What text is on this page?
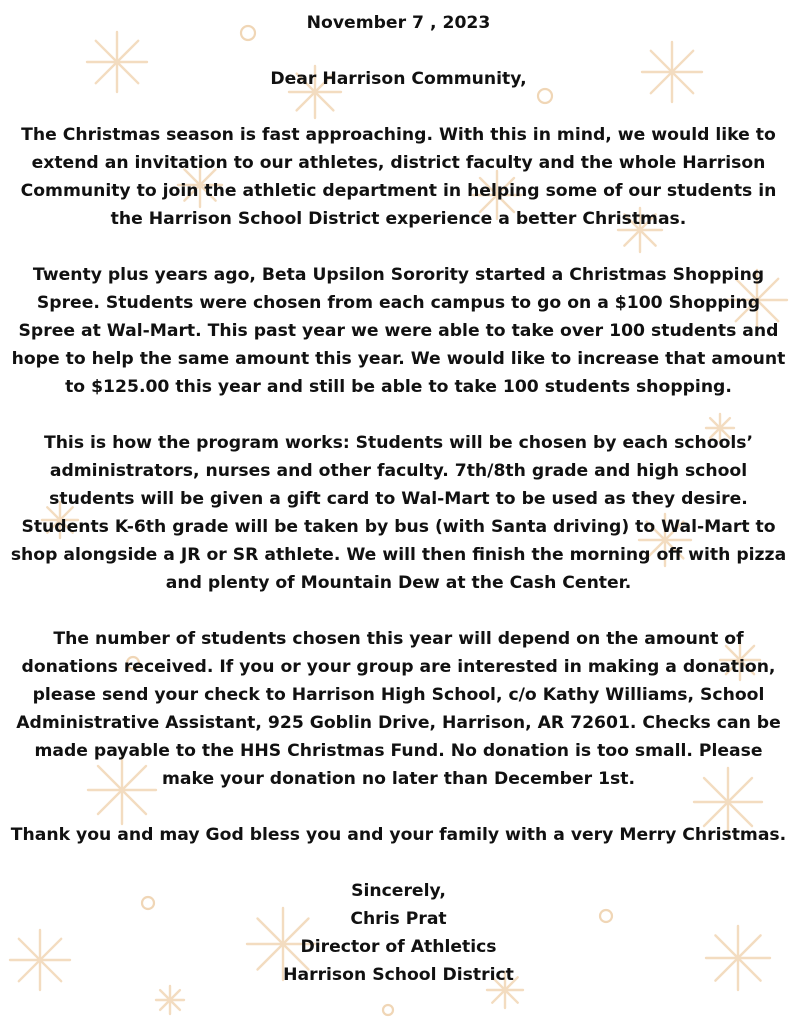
November 7 , 2023

Dear Harrison Community,

The Christmas season is fast approaching. With this in mind, we would like to
extend an invitation to our athletes, district faculty and the whole Harrison
Community to join the athletic department in helping some of our students in
the Harrison School District experience a better Christmas.
Twenty plus years ago, Beta Upsilon Sorority started a Christmas Shopping
Spree. Students were chosen from each campus to go on a $100 Shopping
Spree at Wal-Mart. This past year we were able to take over 100 students and
hope to help the same amount this year. We would like to increase that amount
to $125.00 this year and still be able to take 100 students shopping.
This is how the program works: Students will be chosen by each schools’
administrators, nurses and other faculty. 7th/8th grade and high school
students will be given a gift card to Wal-Mart to be used as they desire.
Students K-6th grade will be taken by bus (with Santa driving) to Wal-Mart to
shop alongside a JR or SR athlete. We will then finish the morning off with pizza
and plenty of Mountain Dew at the Cash Center.
The number of students chosen this year will depend on the amount of
donations received. If you or your group are interested in making a donation,
please send your check to Harrison High School, c/o Kathy Williams, School
Administrative Assistant, 925 Goblin Drive, Harrison, AR 72601. Checks can be
made payable to the HHS Christmas Fund. No donation is too small. Please
make your donation no later than December 1st.

Thank you and may God bless you and your family with a very Merry Christmas.

Sincerely,
Chris Prat
Director of Athletics
Harrison School District
